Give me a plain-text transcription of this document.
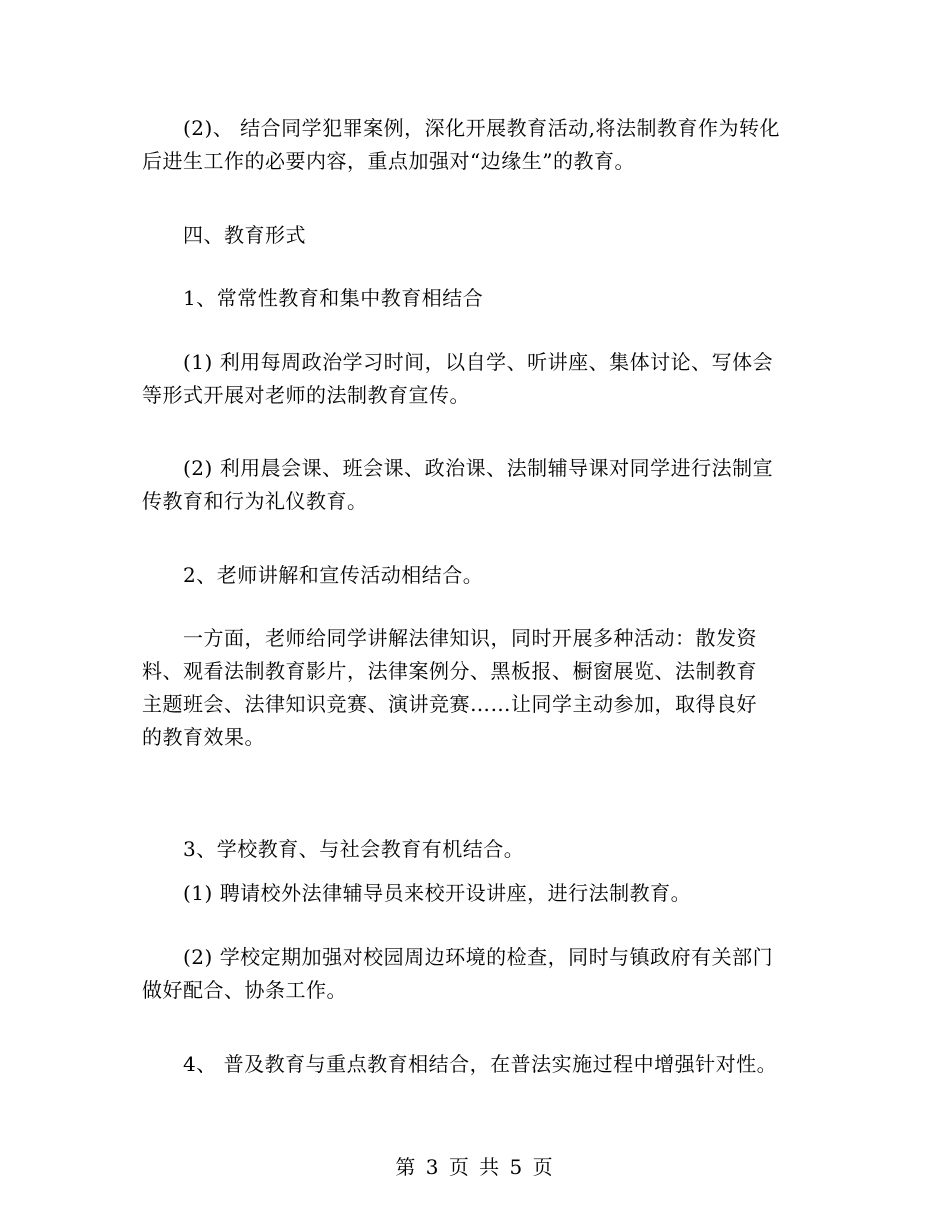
(2)、 结合同学犯罪案例，深化开展教育活动,将法制教育作为转化
后进生工作的必要内容，重点加强对“边缘生”的教育。
四、教育形式
1、常常性教育和集中教育相结合
(1) 利用每周政治学习时间，以自学、听讲座、集体讨论、写体会
等形式开展对老师的法制教育宣传。
(2) 利用晨会课、班会课、政治课、法制辅导课对同学进行法制宣
传教育和行为礼仪教育。
2、老师讲解和宣传活动相结合。
一方面，老师给同学讲解法律知识，同时开展多种活动：散发资
料、观看法制教育影片，法律案例分、黑板报、橱窗展览、法制教育
主题班会、法律知识竞赛、演讲竞赛……让同学主动参加，取得良好
的教育效果。
3、学校教育、与社会教育有机结合。
(1) 聘请校外法律辅导员来校开设讲座，进行法制教育。
(2) 学校定期加强对校园周边环境的检查，同时与镇政府有关部门
做好配合、协条工作。
4、 普及教育与重点教育相结合，在普法实施过程中增强针对性。
第 3 页 共 5 页
